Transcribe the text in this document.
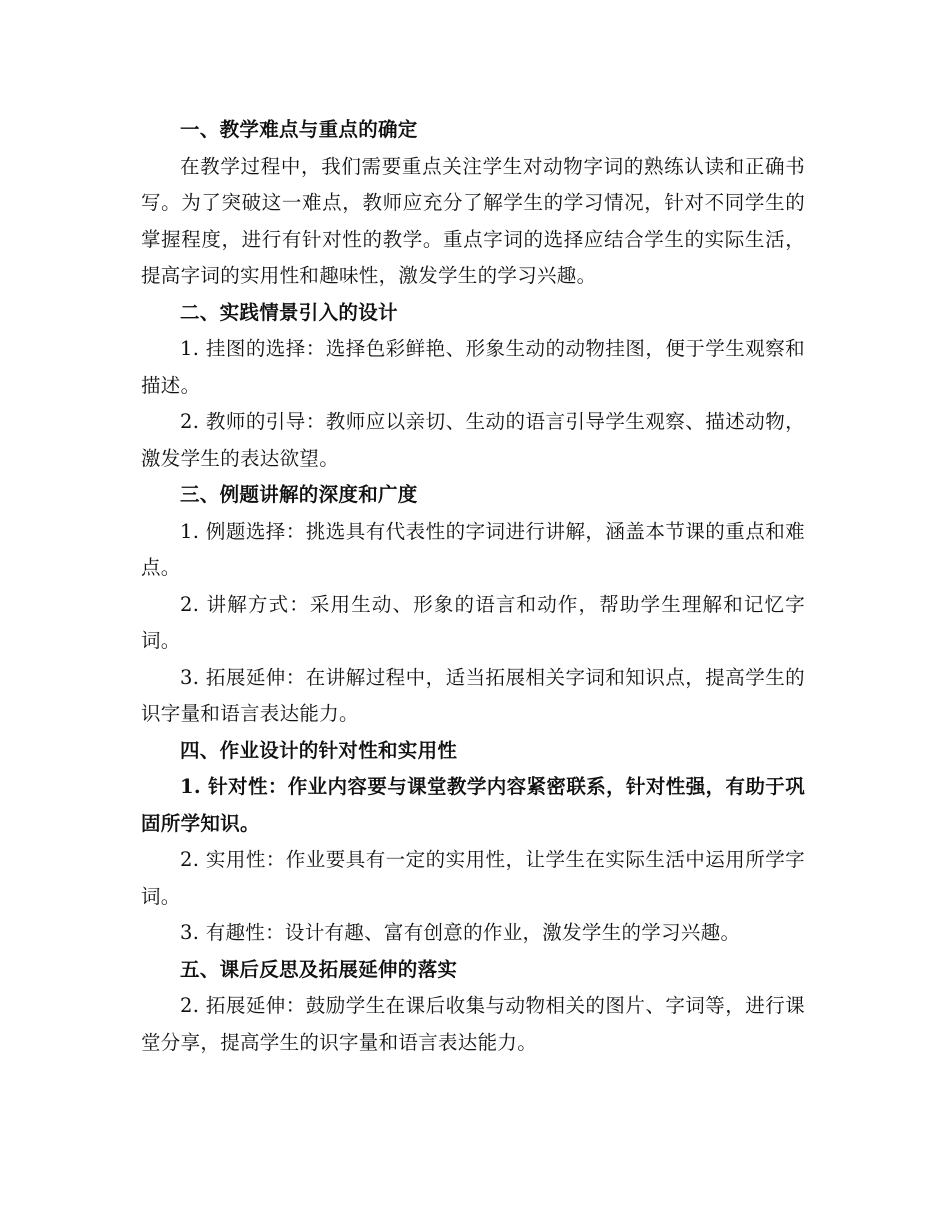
一、教学难点与重点的确定

在教学过程中，我们需要重点关注学生对动物字词的熟练认读和正确书写。为了突破这一难点，教师应充分了解学生的学习情况，针对不同学生的掌握程度，进行有针对性的教学。重点字词的选择应结合学生的实际生活，提高字词的实用性和趣味性，激发学生的学习兴趣。

二、实践情景引入的设计

1. 挂图的选择：选择色彩鲜艳、形象生动的动物挂图，便于学生观察和描述。

2. 教师的引导：教师应以亲切、生动的语言引导学生观察、描述动物，激发学生的表达欲望。

三、例题讲解的深度和广度

1. 例题选择：挑选具有代表性的字词进行讲解，涵盖本节课的重点和难点。

2. 讲解方式：采用生动、形象的语言和动作，帮助学生理解和记忆字词。

3. 拓展延伸：在讲解过程中，适当拓展相关字词和知识点，提高学生的识字量和语言表达能力。

四、作业设计的针对性和实用性

1. 针对性：作业内容要与课堂教学内容紧密联系，针对性强，有助于巩固所学知识。

2. 实用性：作业要具有一定的实用性，让学生在实际生活中运用所学字词。

3. 有趣性：设计有趣、富有创意的作业，激发学生的学习兴趣。

五、课后反思及拓展延伸的落实

2. 拓展延伸：鼓励学生在课后收集与动物相关的图片、字词等，进行课堂分享，提高学生的识字量和语言表达能力。
